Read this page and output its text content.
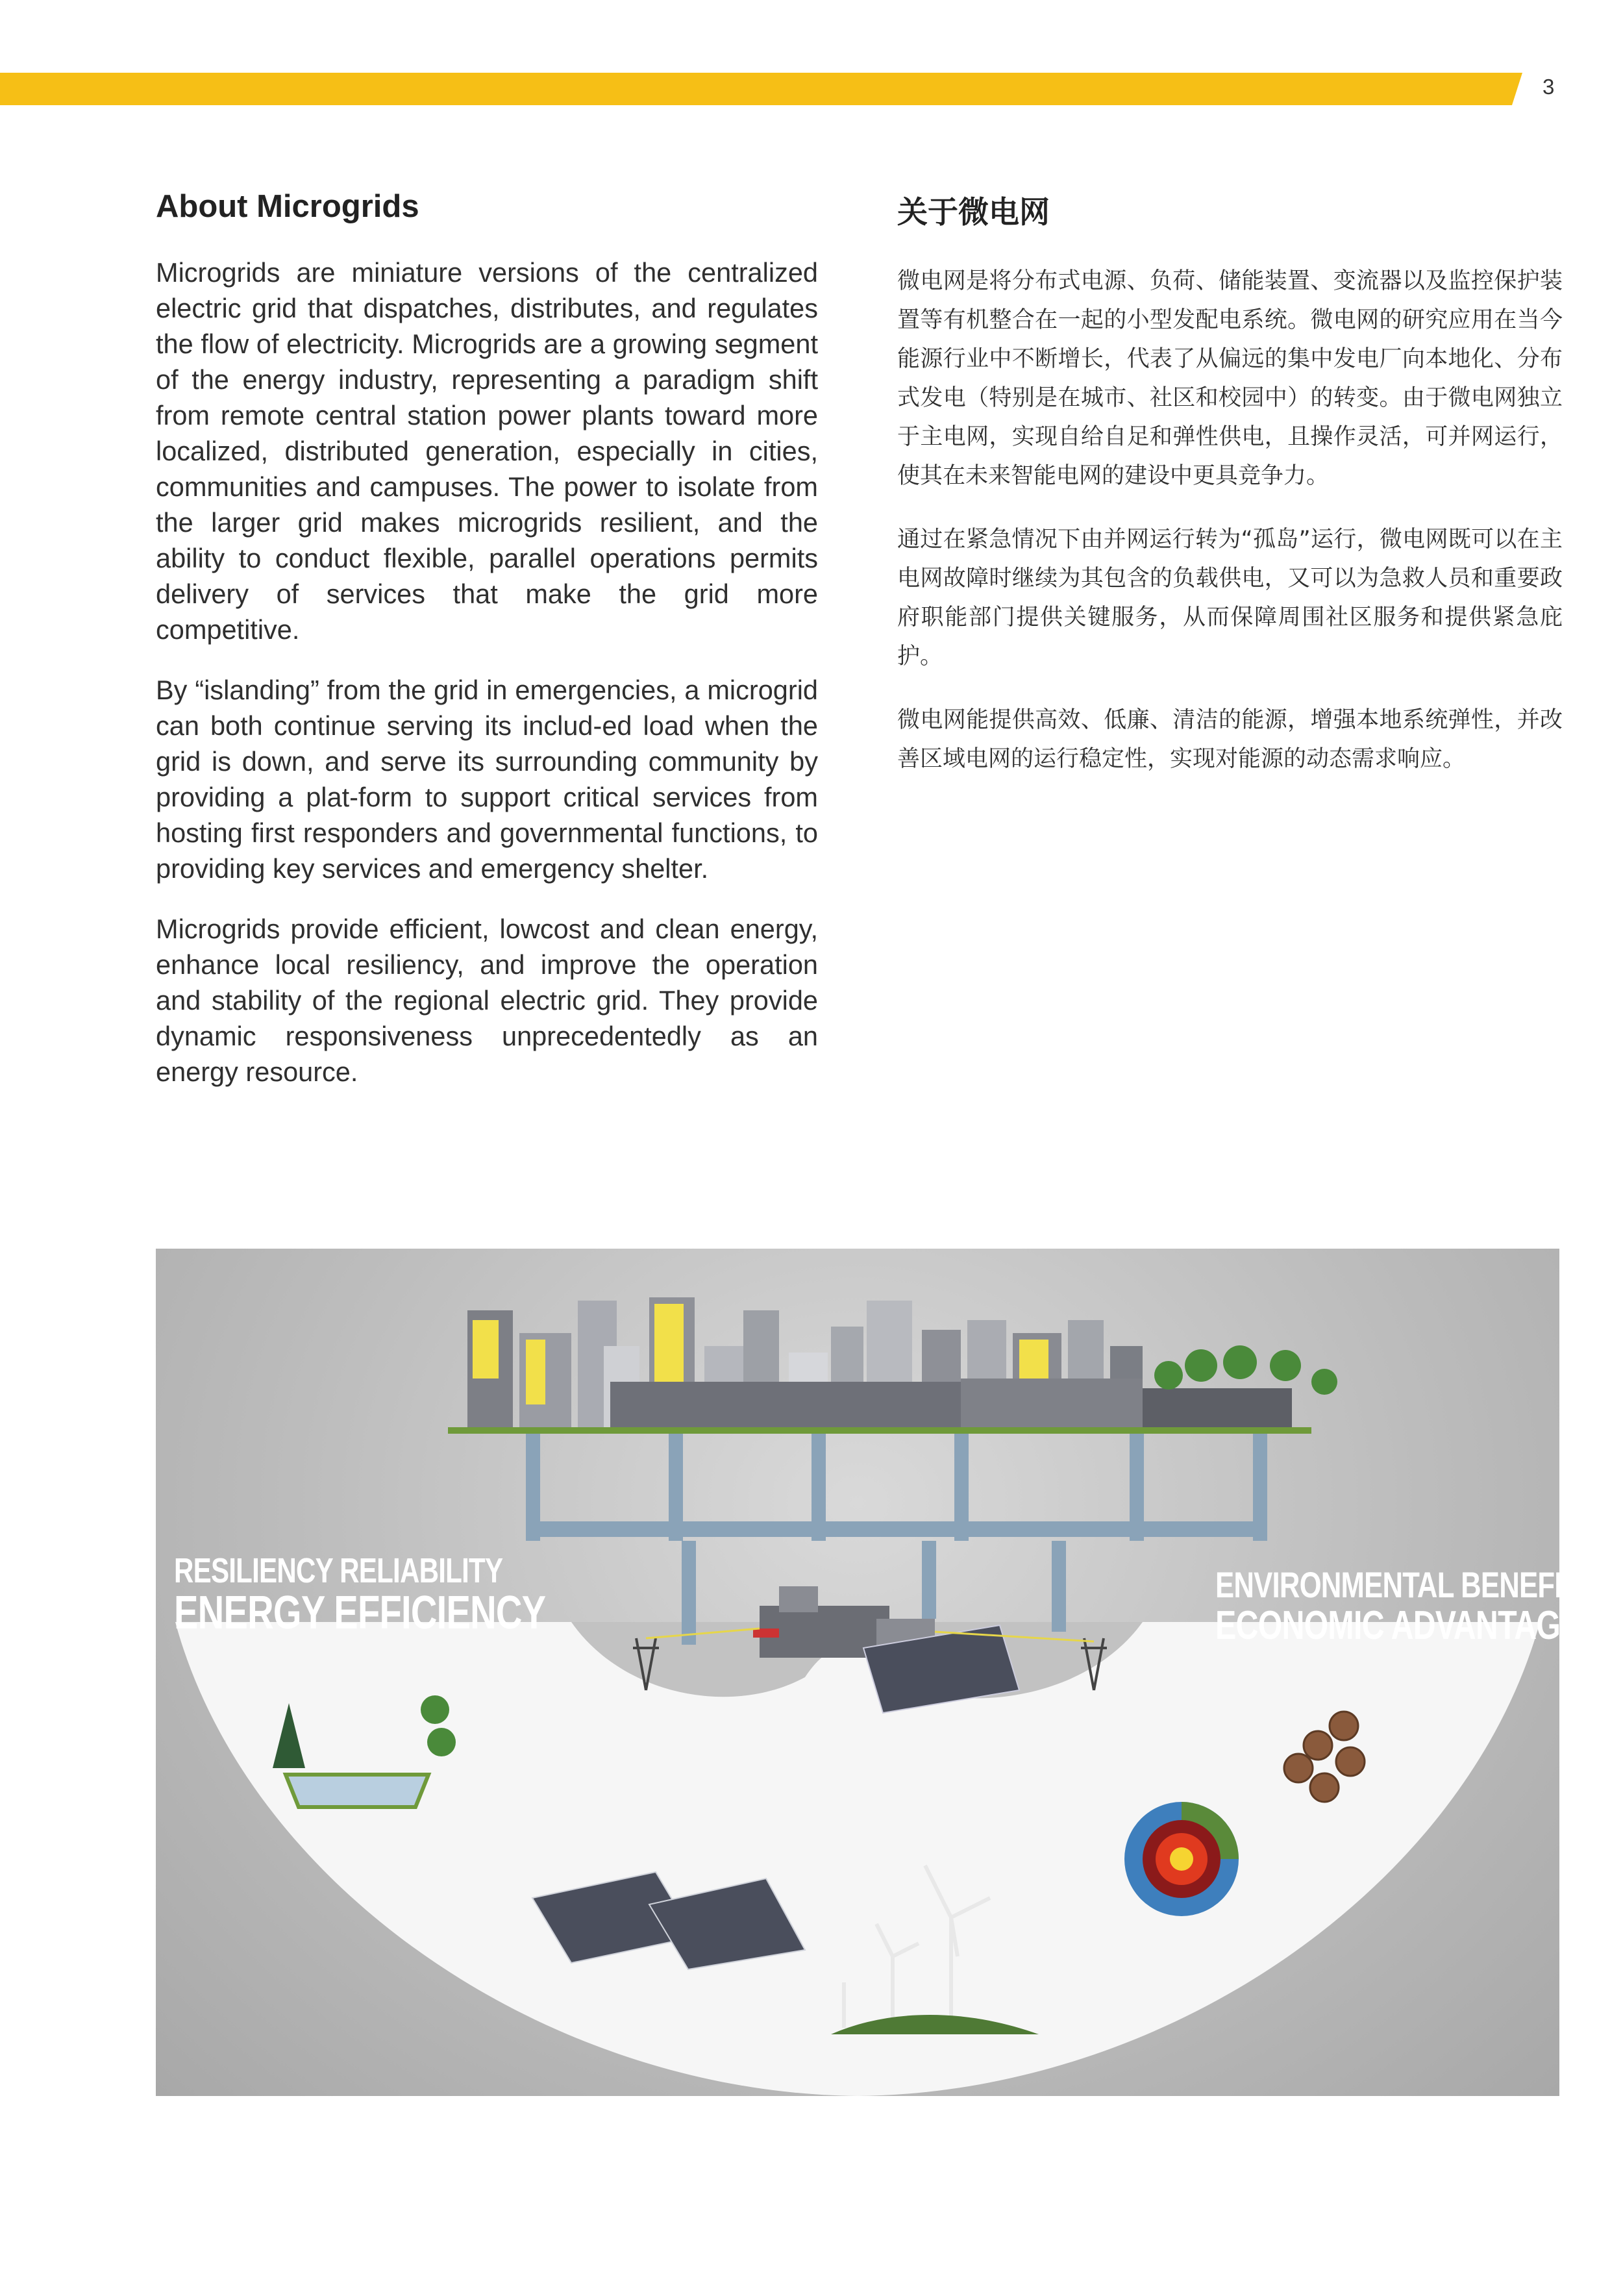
3
About Microgrids

Microgrids are miniature versions of the centralized electric grid that dispatches, distributes, and regulates the flow of electricity. Microgrids are a growing segment of the energy industry, representing a paradigm shift from remote central station power plants toward more localized, distributed generation, especially in cities, communities and campuses. The power to isolate from the larger grid makes microgrids resilient, and the ability to conduct flexible, parallel operations permits delivery of services that make the grid more competitive.

By “islanding” from the grid in emergencies, a microgrid can both continue serving its includ-ed load when the grid is down, and serve its surrounding community by providing a plat-form to support critical services from hosting first responders and governmental functions, to providing key services and emergency shelter.

Microgrids provide efficient, lowcost and clean energy, enhance local resiliency, and improve the operation and stability of the regional electric grid. They provide dynamic responsiveness unprecedentedly as an energy resource.

关于微电网

微电网是将分布式电源、负荷、储能装置、变流器以及监控保护装置等有机整合在一起的小型发配电系统。微电网的研究应用在当今能源行业中不断增长，代表了从偏远的集中发电厂向本地化、分布式发电（特别是在城市、社区和校园中）的转变。由于微电网独立于主电网，实现自给自足和弹性供电，且操作灵活，可并网运行，使其在未来智能电网的建设中更具竞争力。

通过在紧急情况下由并网运行转为“孤岛”运行，微电网既可以在主电网故障时继续为其包含的负载供电，又可以为急救人员和重要政府职能部门提供关键服务，从而保障周围社区服务和提供紧急庇护。

微电网能提供高效、低廉、清洁的能源，增强本地系统弹性，并改善区域电网的运行稳定性，实现对能源的动态需求响应。

RESILIENCY RELIABILITY
ENERGY EFFICIENCY
ENVIRONMENTAL BENEFITS
ECONOMIC ADVANTAGES
